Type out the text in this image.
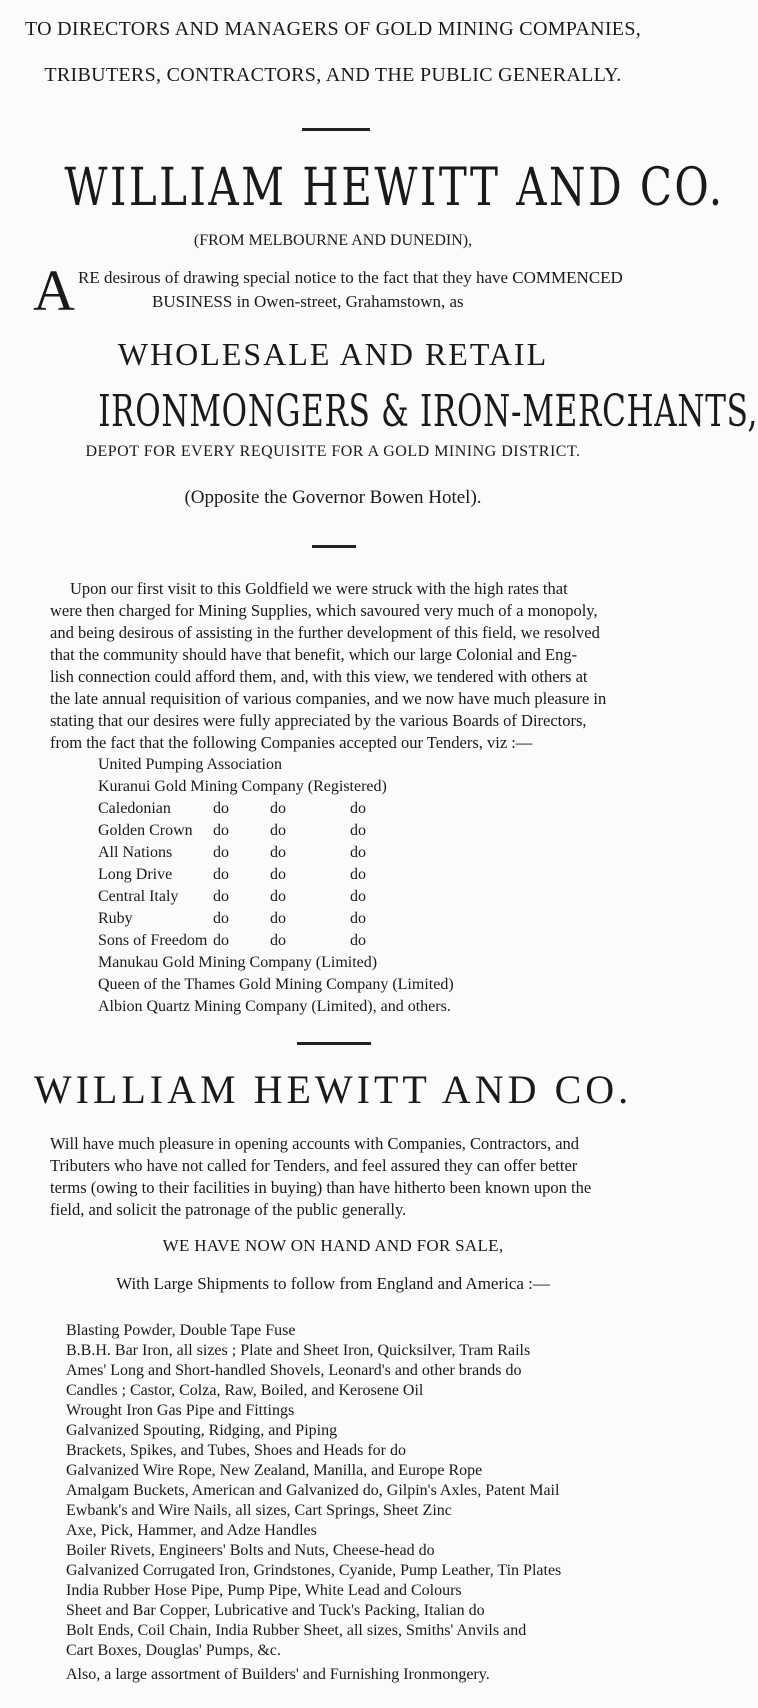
TO DIRECTORS AND MANAGERS OF GOLD MINING COMPANIES,
TRIBUTERS, CONTRACTORS, AND THE PUBLIC GENERALLY.
WILLIAM HEWITT AND CO.
(FROM MELBOURNE AND DUNEDIN),
A RE desirous of drawing special notice to the fact that they have COMMENCED
BUSINESS in Owen-street, Grahamstown, as
WHOLESALE AND RETAIL
IRONMONGERS & IRON-MERCHANTS,
DEPOT FOR EVERY REQUISITE FOR A GOLD MINING DISTRICT.
(Opposite the Governor Bowen Hotel).
Upon our first visit to this Goldfield we were struck with the high rates that
were then charged for Mining Supplies, which savoured very much of a monopoly,
and being desirous of assisting in the further development of this field, we resolved
that the community should have that benefit, which our large Colonial and Eng-
lish connection could afford them, and, with this view, we tendered with others at
the late annual requisition of various companies, and we now have much pleasure in
stating that our desires were fully appreciated by the various Boards of Directors,
from the fact that the following Companies accepted our Tenders, viz :—
United Pumping Association
Kuranui Gold Mining Company (Registered)
Caledonian	do	do	do
Golden Crown do	do	do
All Nations	do	do	do
Long Drive	do	do	do
Central Italy do	do	do
Ruby	do	do	do
Sons of Freedom do	do	do
Manukau Gold Mining Company (Limited)
Queen of the Thames Gold Mining Company (Limited)
Albion Quartz Mining Company (Limited), and others.
WILLIAM HEWITT AND CO.
Will have much pleasure in opening accounts with Companies, Contractors, and
Tributers who have not called for Tenders, and feel assured they can offer better
terms (owing to their facilities in buying) than have hitherto been known upon the
field, and solicit the patronage of the public generally.
WE HAVE NOW ON HAND AND FOR SALE,
With Large Shipments to follow from England and America :—
Blasting Powder, Double Tape Fuse
B.B.H. Bar Iron, all sizes ; Plate and Sheet Iron, Quicksilver, Tram Rails
Ames' Long and Short-handled Shovels, Leonard's and other brands do
Candles ; Castor, Colza, Raw, Boiled, and Kerosene Oil
Wrought Iron Gas Pipe and Fittings
Galvanized Spouting, Ridging, and Piping
Brackets, Spikes, and Tubes, Shoes and Heads for do
Galvanized Wire Rope, New Zealand, Manilla, and Europe Rope
Amalgam Buckets, American and Galvanized do, Gilpin's Axles, Patent Mail
Ewbank's and Wire Nails, all sizes, Cart Springs, Sheet Zinc
Axe, Pick, Hammer, and Adze Handles
Boiler Rivets, Engineers' Bolts and Nuts, Cheese-head do
Galvanized Corrugated Iron, Grindstones, Cyanide, Pump Leather, Tin Plates
India Rubber Hose Pipe, Pump Pipe, White Lead and Colours
Sheet and Bar Copper, Lubricative and Tuck's Packing, Italian do
Bolt Ends, Coil Chain, India Rubber Sheet, all sizes, Smiths' Anvils and
Cart Boxes, Douglas' Pumps, &c.
Also, a large assortment of Builders' and Furnishing Ironmongery.
